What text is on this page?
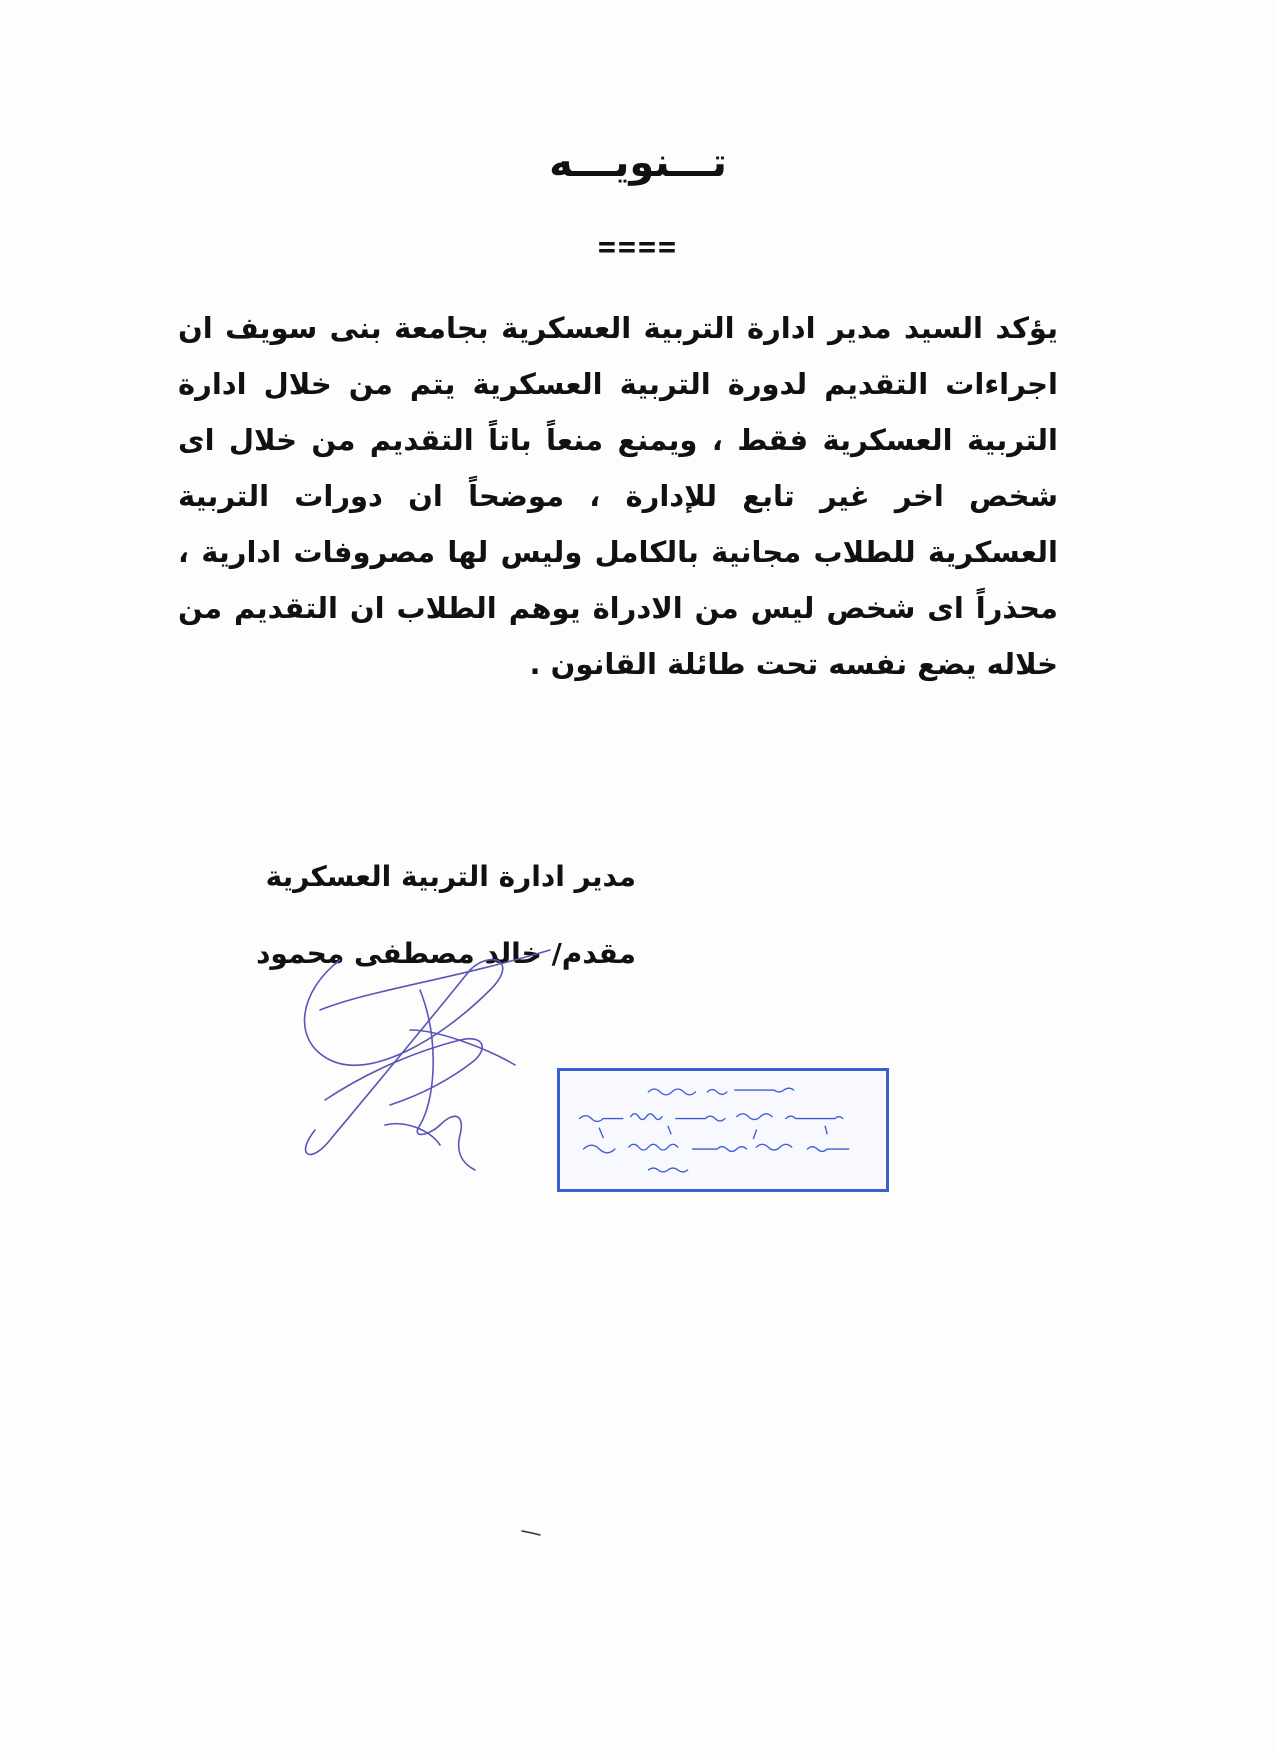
تـــنويـــه
====
يؤكد السيد مدير ادارة التربية العسكرية بجامعة بنى سويف ان اجراءات التقديم لدورة التربية العسكرية يتم من خلال ادارة التربية العسكرية فقط ، ويمنع منعاً باتاً التقديم من خلال اى شخص اخر غير تابع للإدارة ، موضحاً ان دورات التربية العسكرية للطلاب مجانية بالكامل وليس لها مصروفات ادارية ، محذراً اى شخص ليس من الادراة يوهم الطلاب ان التقديم من خلاله يضع نفسه تحت طائلة القانون .
مدير ادارة التربية العسكرية
مقدم/ خالد مصطفى محمود
